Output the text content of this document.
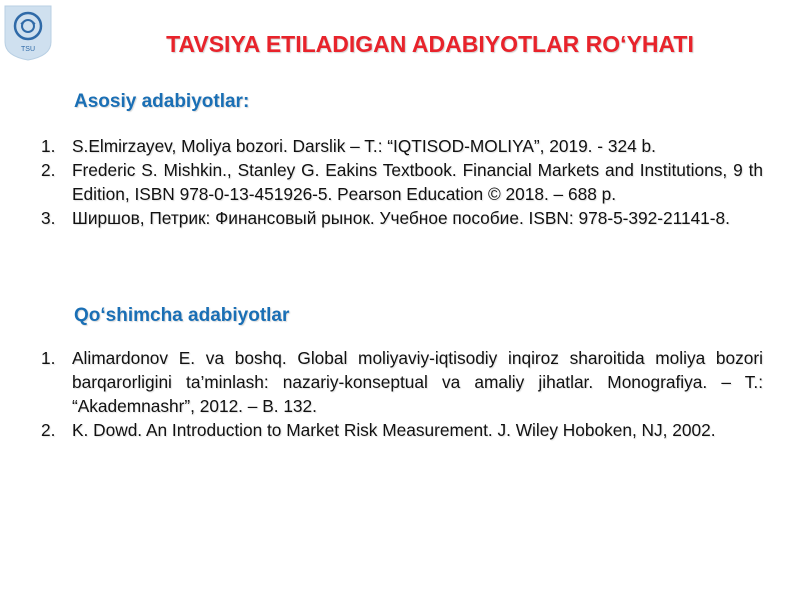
TSU	TAVSIYA ETILADIGAN ADABIYOTLAR RO‘YHATI
Asosiy adabiyotlar:
1. S.Elmirzayev, Moliya bozori. Darslik – T.: “IQTISOD-MOLIYA”, 2019. - 324 b.
2. Frederic S. Mishkin., Stanley G. Eakins Textbook. Financial Markets and Institutions, 9 th Edition, ISBN 978-0-13-451926-5. Pearson Education © 2018. – 688 p.
3. Ширшов, Петрик: Финансовый рынок. Учебное пособие. ISBN: 978-5-392-21141-8.
Qo‘shimcha adabiyotlar
1. Alimardonov E. va boshq. Global moliyaviy-iqtisodiy inqiroz sharoitida moliya bozori barqarorligini ta’minlash: nazariy-konseptual va amaliy jihatlar. Monografiya. – T.: “Akademnashr”, 2012. – B. 132.
2. K. Dowd. An Introduction to Market Risk Measurement. J. Wiley Hoboken, NJ, 2002.
